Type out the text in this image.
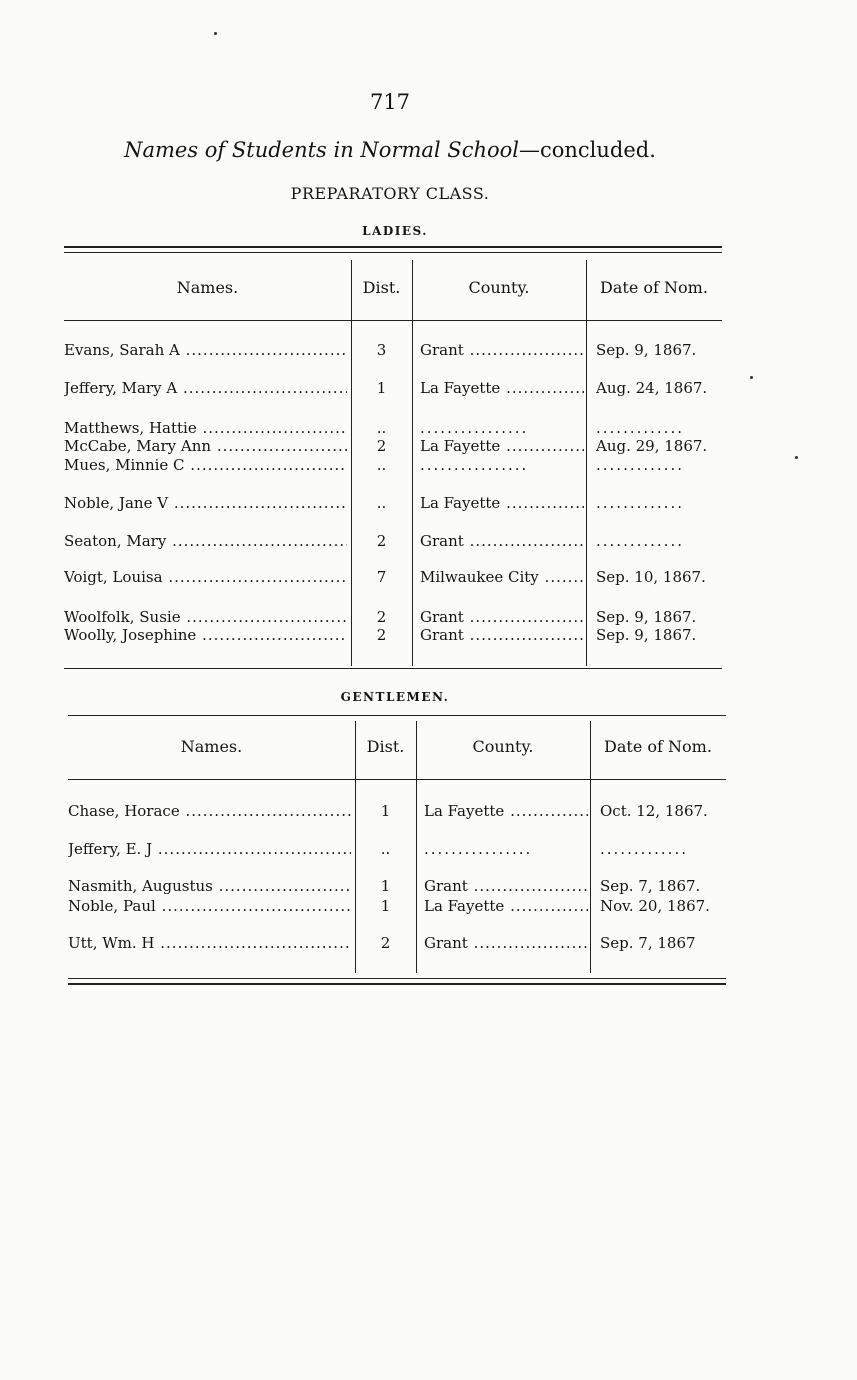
717
Names of Students in Normal School—concluded.
PREPARATORY CLASS.
LADIES.
Names.	Dist.	County.	Date of Nom.
Evans, Sarah A .....	3	Grant .....	Sep. 9, 1867.
Jeffery, Mary A .....	1	La Fayette .....	Aug. 24, 1867.
Matthews, Hattie .....	..	................	.............
McCabe, Mary Ann .....	2	La Fayette .....	Aug. 29, 1867.
Mues, Minnie C .....	..	................	.............
Noble, Jane V .....	..	La Fayette .....	.............
Seaton, Mary .....	2	Grant .....	.............
Voigt, Louisa .....	7	Milwaukee City .....	Sep. 10, 1867.
Woolfolk, Susie .....	2	Grant .....	Sep. 9, 1867.
Woolly, Josephine .....	2	Grant .....	Sep. 9, 1867.
GENTLEMEN.
Names.	Dist.	County.	Date of Nom.
Chase, Horace .....	1	La Fayette .....	Oct. 12, 1867.
Jeffery, E. J .....	..	................	.............
Nasmith, Augustus .....	1	Grant .....	Sep. 7, 1867.
Noble, Paul .....	1	La Fayette .....	Nov. 20, 1867.
Utt, Wm. H .....	2	Grant .....	Sep. 7, 1867
